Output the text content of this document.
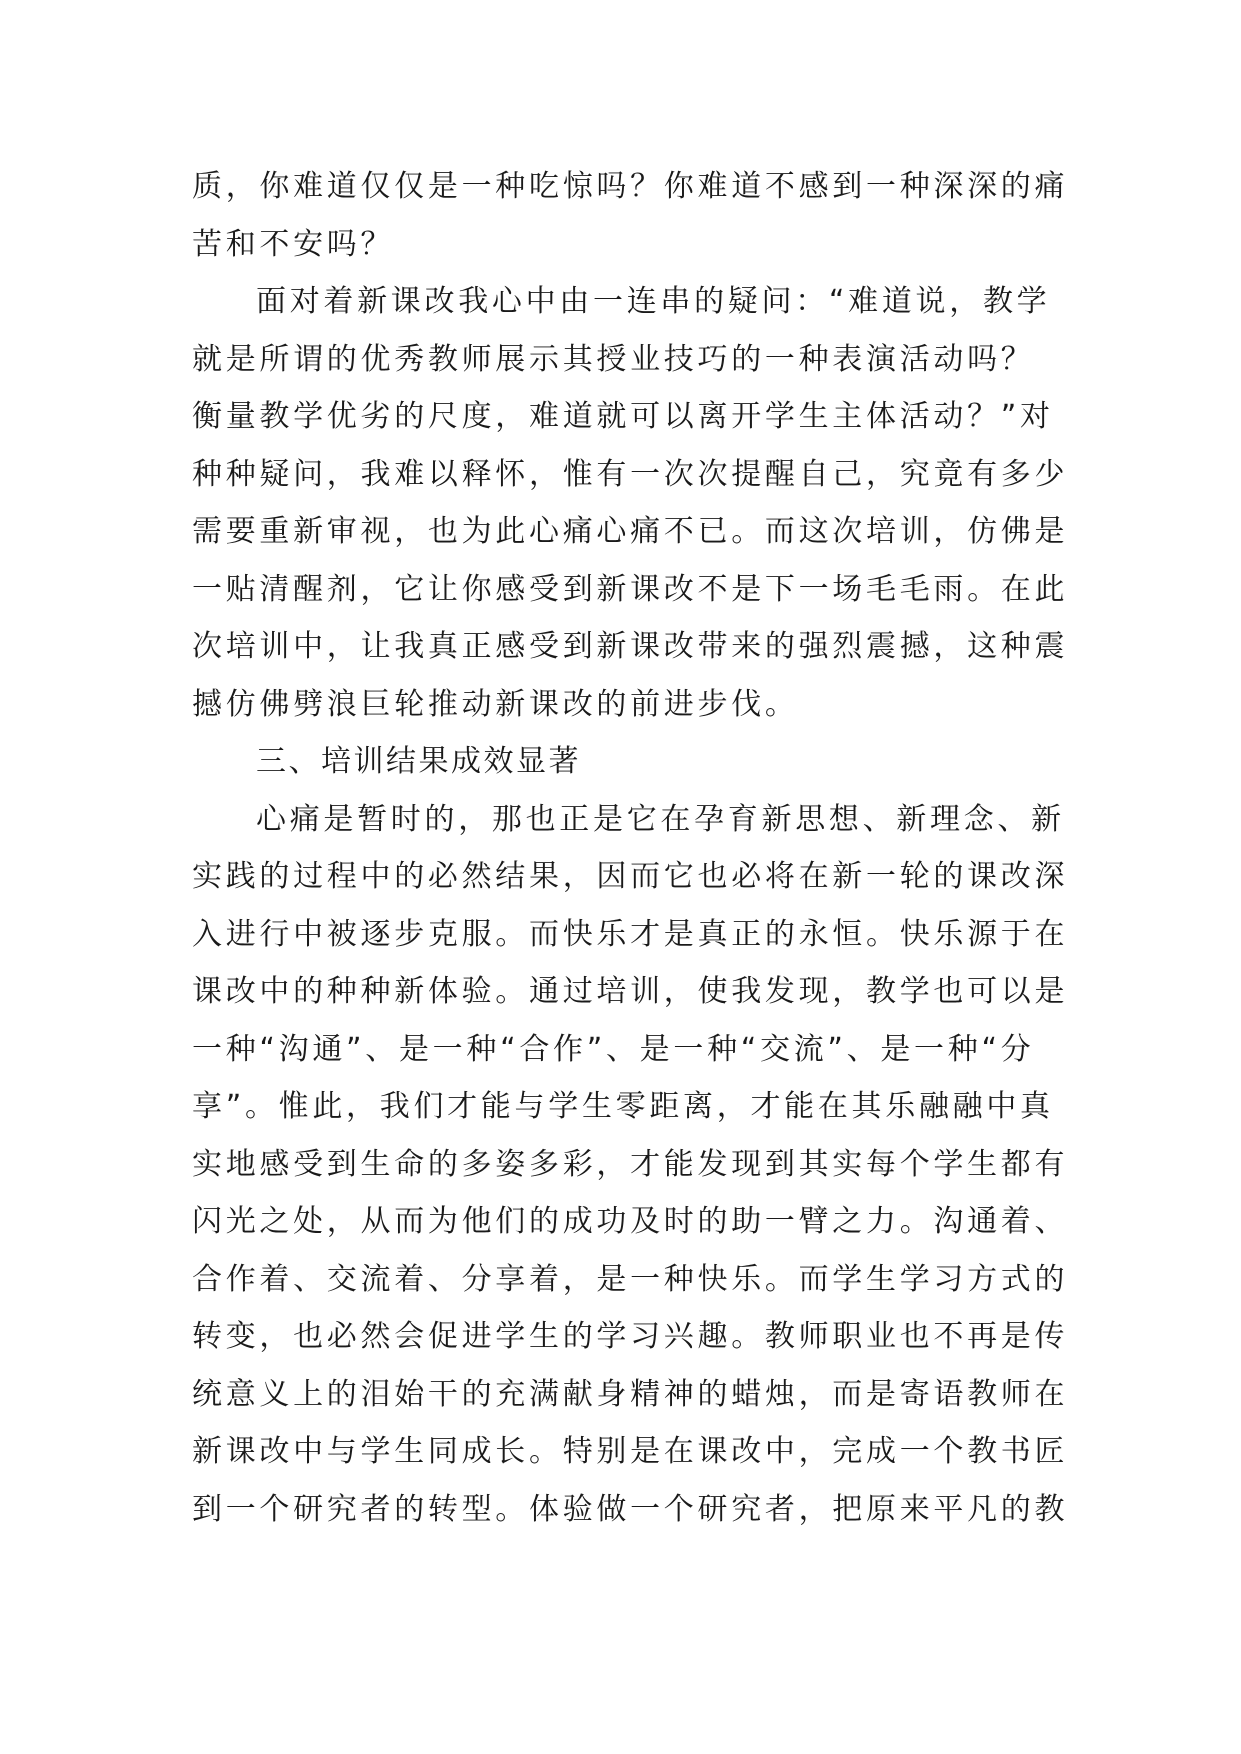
质，你难道仅仅是一种吃惊吗？你难道不感到一种深深的痛
苦和不安吗？
面对着新课改我心中由一连串的疑问：“难道说，教学
就是所谓的优秀教师展示其授业技巧的一种表演活动吗？
衡量教学优劣的尺度，难道就可以离开学生主体活动？”对
种种疑问，我难以释怀，惟有一次次提醒自己，究竟有多少
需要重新审视，也为此心痛心痛不已。而这次培训，仿佛是
一贴清醒剂，它让你感受到新课改不是下一场毛毛雨。在此
次培训中，让我真正感受到新课改带来的强烈震撼，这种震
撼仿佛劈浪巨轮推动新课改的前进步伐。
三、培训结果成效显著
心痛是暂时的，那也正是它在孕育新思想、新理念、新
实践的过程中的必然结果，因而它也必将在新一轮的课改深
入进行中被逐步克服。而快乐才是真正的永恒。快乐源于在
课改中的种种新体验。通过培训，使我发现，教学也可以是
一种“沟通”、是一种“合作”、是一种“交流”、是一种“分
享”。惟此，我们才能与学生零距离，才能在其乐融融中真
实地感受到生命的多姿多彩，才能发现到其实每个学生都有
闪光之处，从而为他们的成功及时的助一臂之力。沟通着、
合作着、交流着、分享着，是一种快乐。而学生学习方式的
转变，也必然会促进学生的学习兴趣。教师职业也不再是传
统意义上的泪始干的充满献身精神的蜡烛，而是寄语教师在
新课改中与学生同成长。特别是在课改中，完成一个教书匠
到一个研究者的转型。体验做一个研究者，把原来平凡的教
